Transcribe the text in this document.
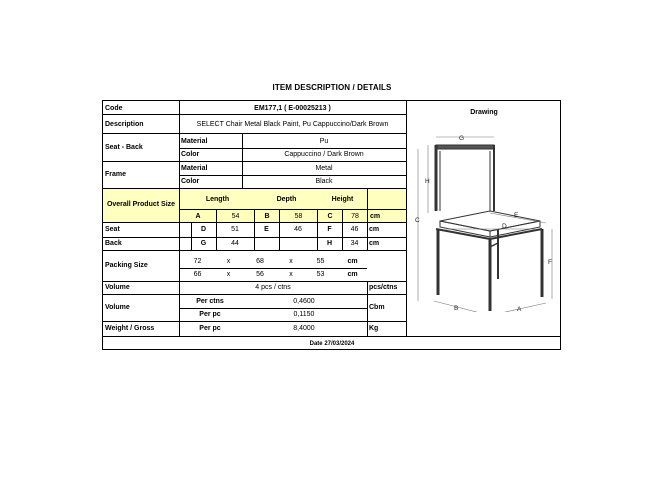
ITEM DESCRIPTION / DETAILS
Code	EM177,1 ( E-00025213 )
Description	SELECT Chair Metal Black Paint, Pu Cappuccino/Dark Brown
Seat - Back
Material	Pu
Color	Cappuccino / Dark Brown
Frame
Material	Metal
Color	Black
Overall Product Size
Length	Depth	Height
A	54	B	58	C	78	cm
Seat	D	51	E	46	F	46	cm
Back	G	44	H	34	cm
Packing Size
72	x	68	x	55	cm
66	x	56	x	53	cm
Volume	4 pcs / ctns	pcs/ctns
Volume
Per ctns	0,4600
Per pc	0,1150
Cbm
Weight / Gross	Per pc	8,4000	Kg
Date 27/03/2024
Drawing
G
H
C
E
D
F
B	A
